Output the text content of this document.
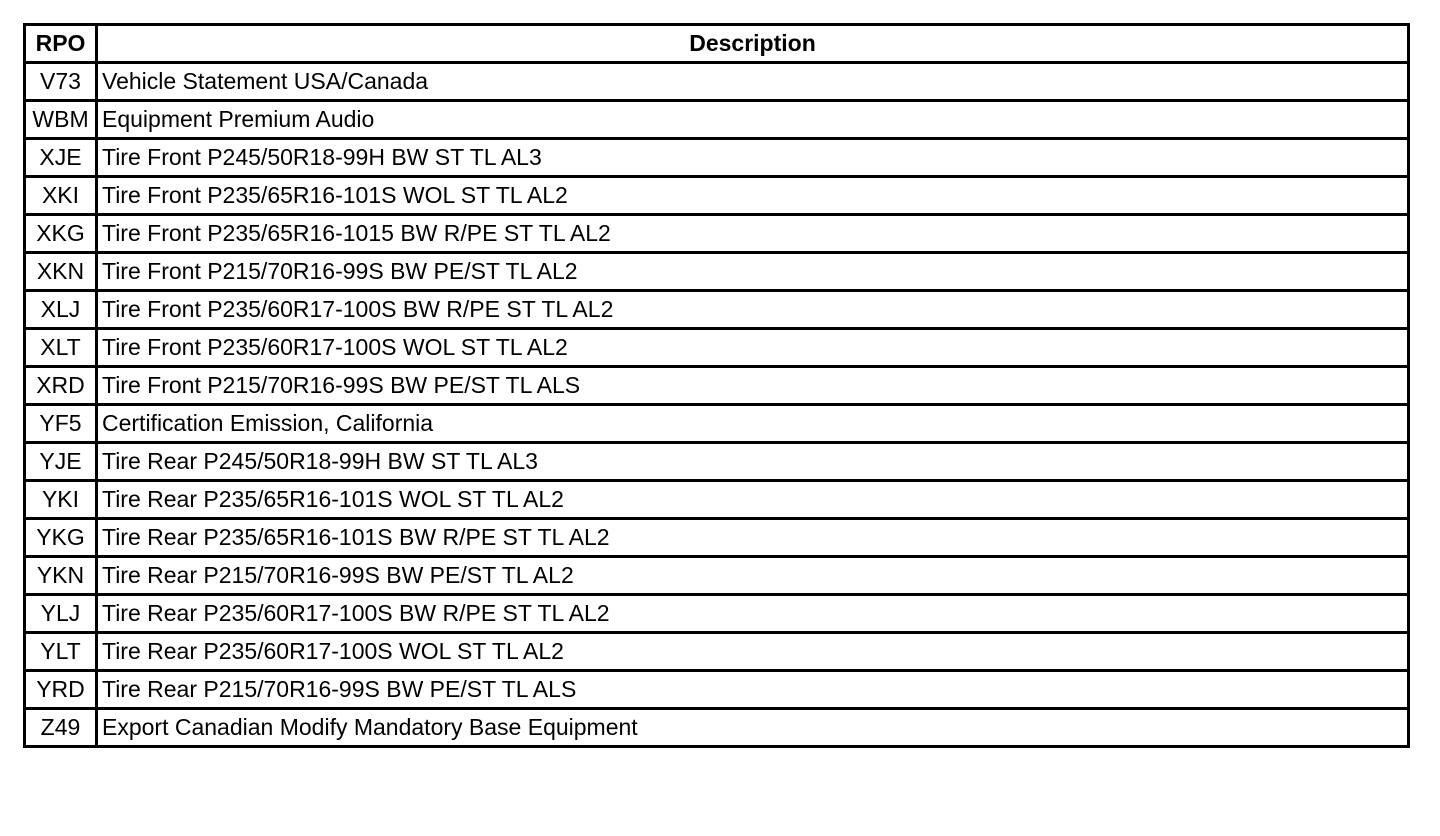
RPO	Description
V73	Vehicle Statement USA/Canada
WBM	Equipment Premium Audio
XJE	Tire Front P245/50R18-99H BW ST TL AL3
XKI	Tire Front P235/65R16-101S WOL ST TL AL2
XKG	Tire Front P235/65R16-1015 BW R/PE ST TL AL2
XKN	Tire Front P215/70R16-99S BW PE/ST TL AL2
XLJ	Tire Front P235/60R17-100S BW R/PE ST TL AL2
XLT	Tire Front P235/60R17-100S WOL ST TL AL2
XRD	Tire Front P215/70R16-99S BW PE/ST TL ALS
YF5	Certification Emission, California
YJE	Tire Rear P245/50R18-99H BW ST TL AL3
YKI	Tire Rear P235/65R16-101S WOL ST TL AL2
YKG	Tire Rear P235/65R16-101S BW R/PE ST TL AL2
YKN	Tire Rear P215/70R16-99S BW PE/ST TL AL2
YLJ	Tire Rear P235/60R17-100S BW R/PE ST TL AL2
YLT	Tire Rear P235/60R17-100S WOL ST TL AL2
YRD	Tire Rear P215/70R16-99S BW PE/ST TL ALS
Z49	Export Canadian Modify Mandatory Base Equipment
